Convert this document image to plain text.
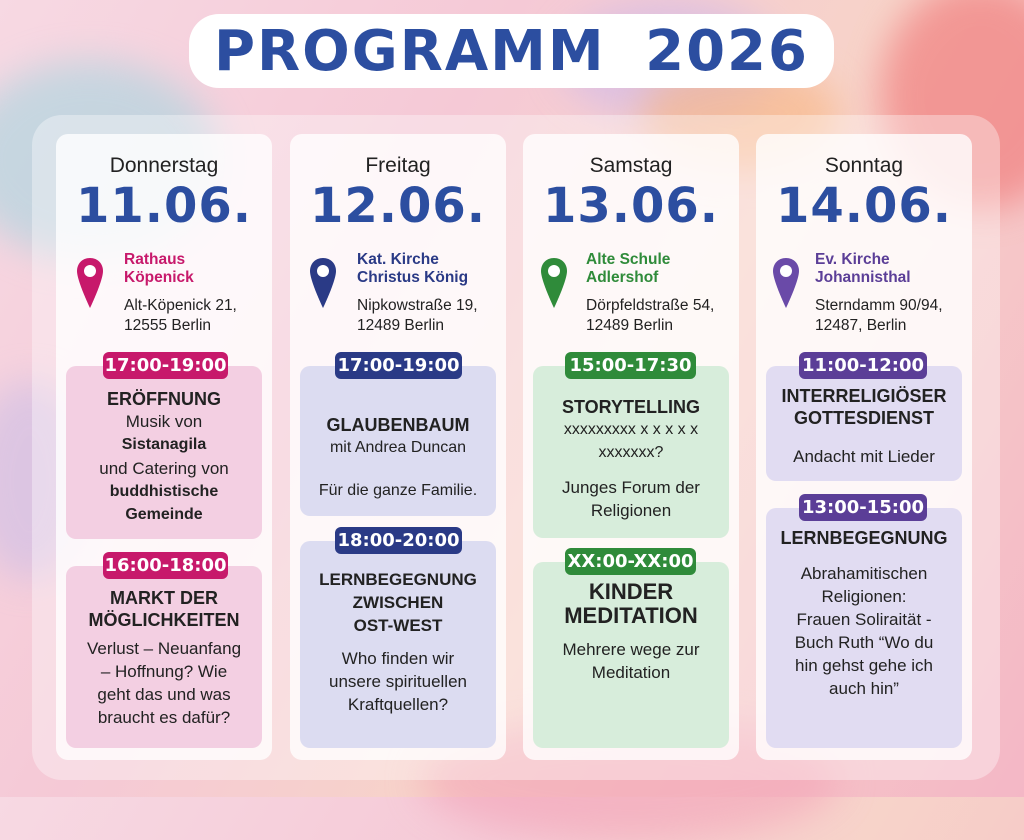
PROGRAMM 2026
Donnerstag
11.06.
Rathaus
Köpenick
Alt-Köpenick 21,
12555 Berlin
ERÖFFNUNG
Musik von
Sistanagila
und Catering von
buddhistische
Gemeinde
17:00-19:00
MARKT DER
MÖGLICHKEITEN
Verlust – Neuanfang
– Hoffnung? Wie
geht das und was
braucht es dafür?
16:00-18:00
Freitag
12.06.
Kat. Kirche
Christus König
Nipkowstraße 19,
12489 Berlin
GLAUBENBAUM
mit Andrea Duncan
Für die ganze Familie.
17:00-19:00
LERNBEGEGNUNG
ZWISCHEN
OST-WEST
Who finden wir
unsere spirituellen
Kraftquellen?
18:00-20:00
Samstag
13.06.
Alte Schule
Adlershof
Dörpfeldstraße 54,
12489 Berlin
STORYTELLING
xxxxxxxxx x x x x x
xxxxxxx?
Junges Forum der
Religionen
15:00-17:30
KINDER
MEDITATION
Mehrere wege zur
Meditation
XX:00-XX:00
Sonntag
14.06.
Ev. Kirche
Johannisthal
Sterndamm 90/94,
12487, Berlin
INTERRELIGIÖSER
GOTTESDIENST
Andacht mit Lieder
11:00-12:00
LERNBEGEGNUNG
Abrahamitischen
Religionen:
Frauen Soliraität -
Buch Ruth “Wo du
hin gehst gehe ich
auch hin”
13:00-15:00
